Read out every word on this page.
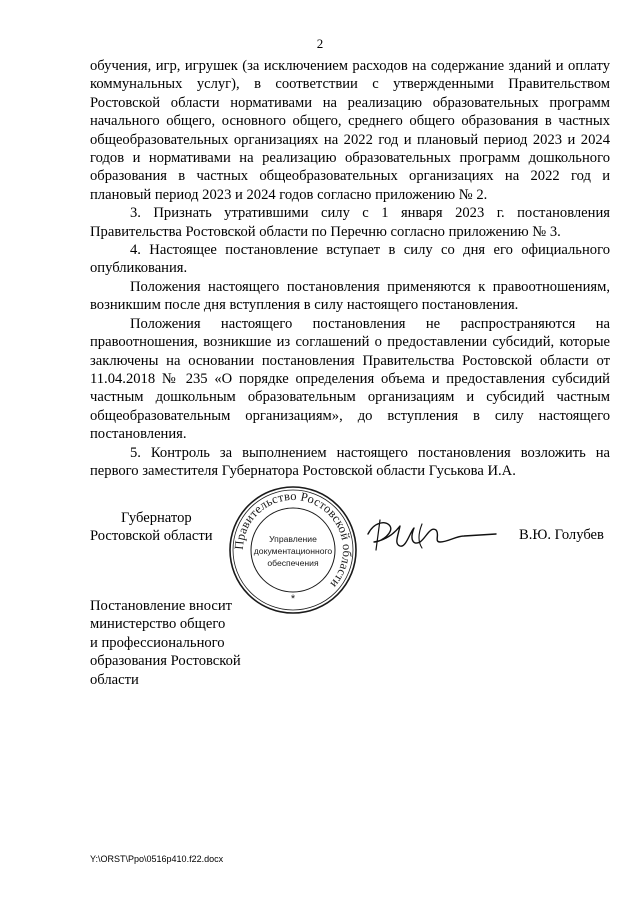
2

обучения, игр, игрушек (за исключением расходов на содержание зданий и оплату коммунальных услуг), в соответствии с утвержденными Правительством Ростовской области нормативами на реализацию образовательных программ начального общего, основного общего, среднего общего образования в частных общеобразовательных организациях на 2022 год и плановый период 2023 и 2024 годов и нормативами на реализацию образовательных программ дошкольного образования в частных общеобразовательных организациях на 2022 год и плановый период 2023 и 2024 годов согласно приложению № 2.

3. Признать утратившими силу с 1 января 2023 г. постановления Правительства Ростовской области по Перечню согласно приложению № 3.

4. Настоящее постановление вступает в силу со дня его официального опубликования.

Положения настоящего постановления применяются к правоотношениям, возникшим после дня вступления в силу настоящего постановления.

Положения настоящего постановления не распространяются на правоотношения, возникшие из соглашений о предоставлении субсидий, которые заключены на основании постановления Правительства Ростовской области от 11.04.2018 № 235 «О порядке определения объема и предоставления субсидий частным дошкольным образовательным организациям и субсидий частным общеобразовательным организациям», до вступления в силу настоящего постановления.

5. Контроль за выполнением настоящего постановления возложить на первого заместителя Губернатора Ростовской области Гуськова И.А.

Губернатор
Ростовской области
Правительство Ростовской области
Управление
документационного
обеспечения
*
В.Ю. Голубев
Постановление вносит
министерство общего
и профессионального
образования Ростовской
области
Y:\ORST\Ppo\0516p410.f22.docx
